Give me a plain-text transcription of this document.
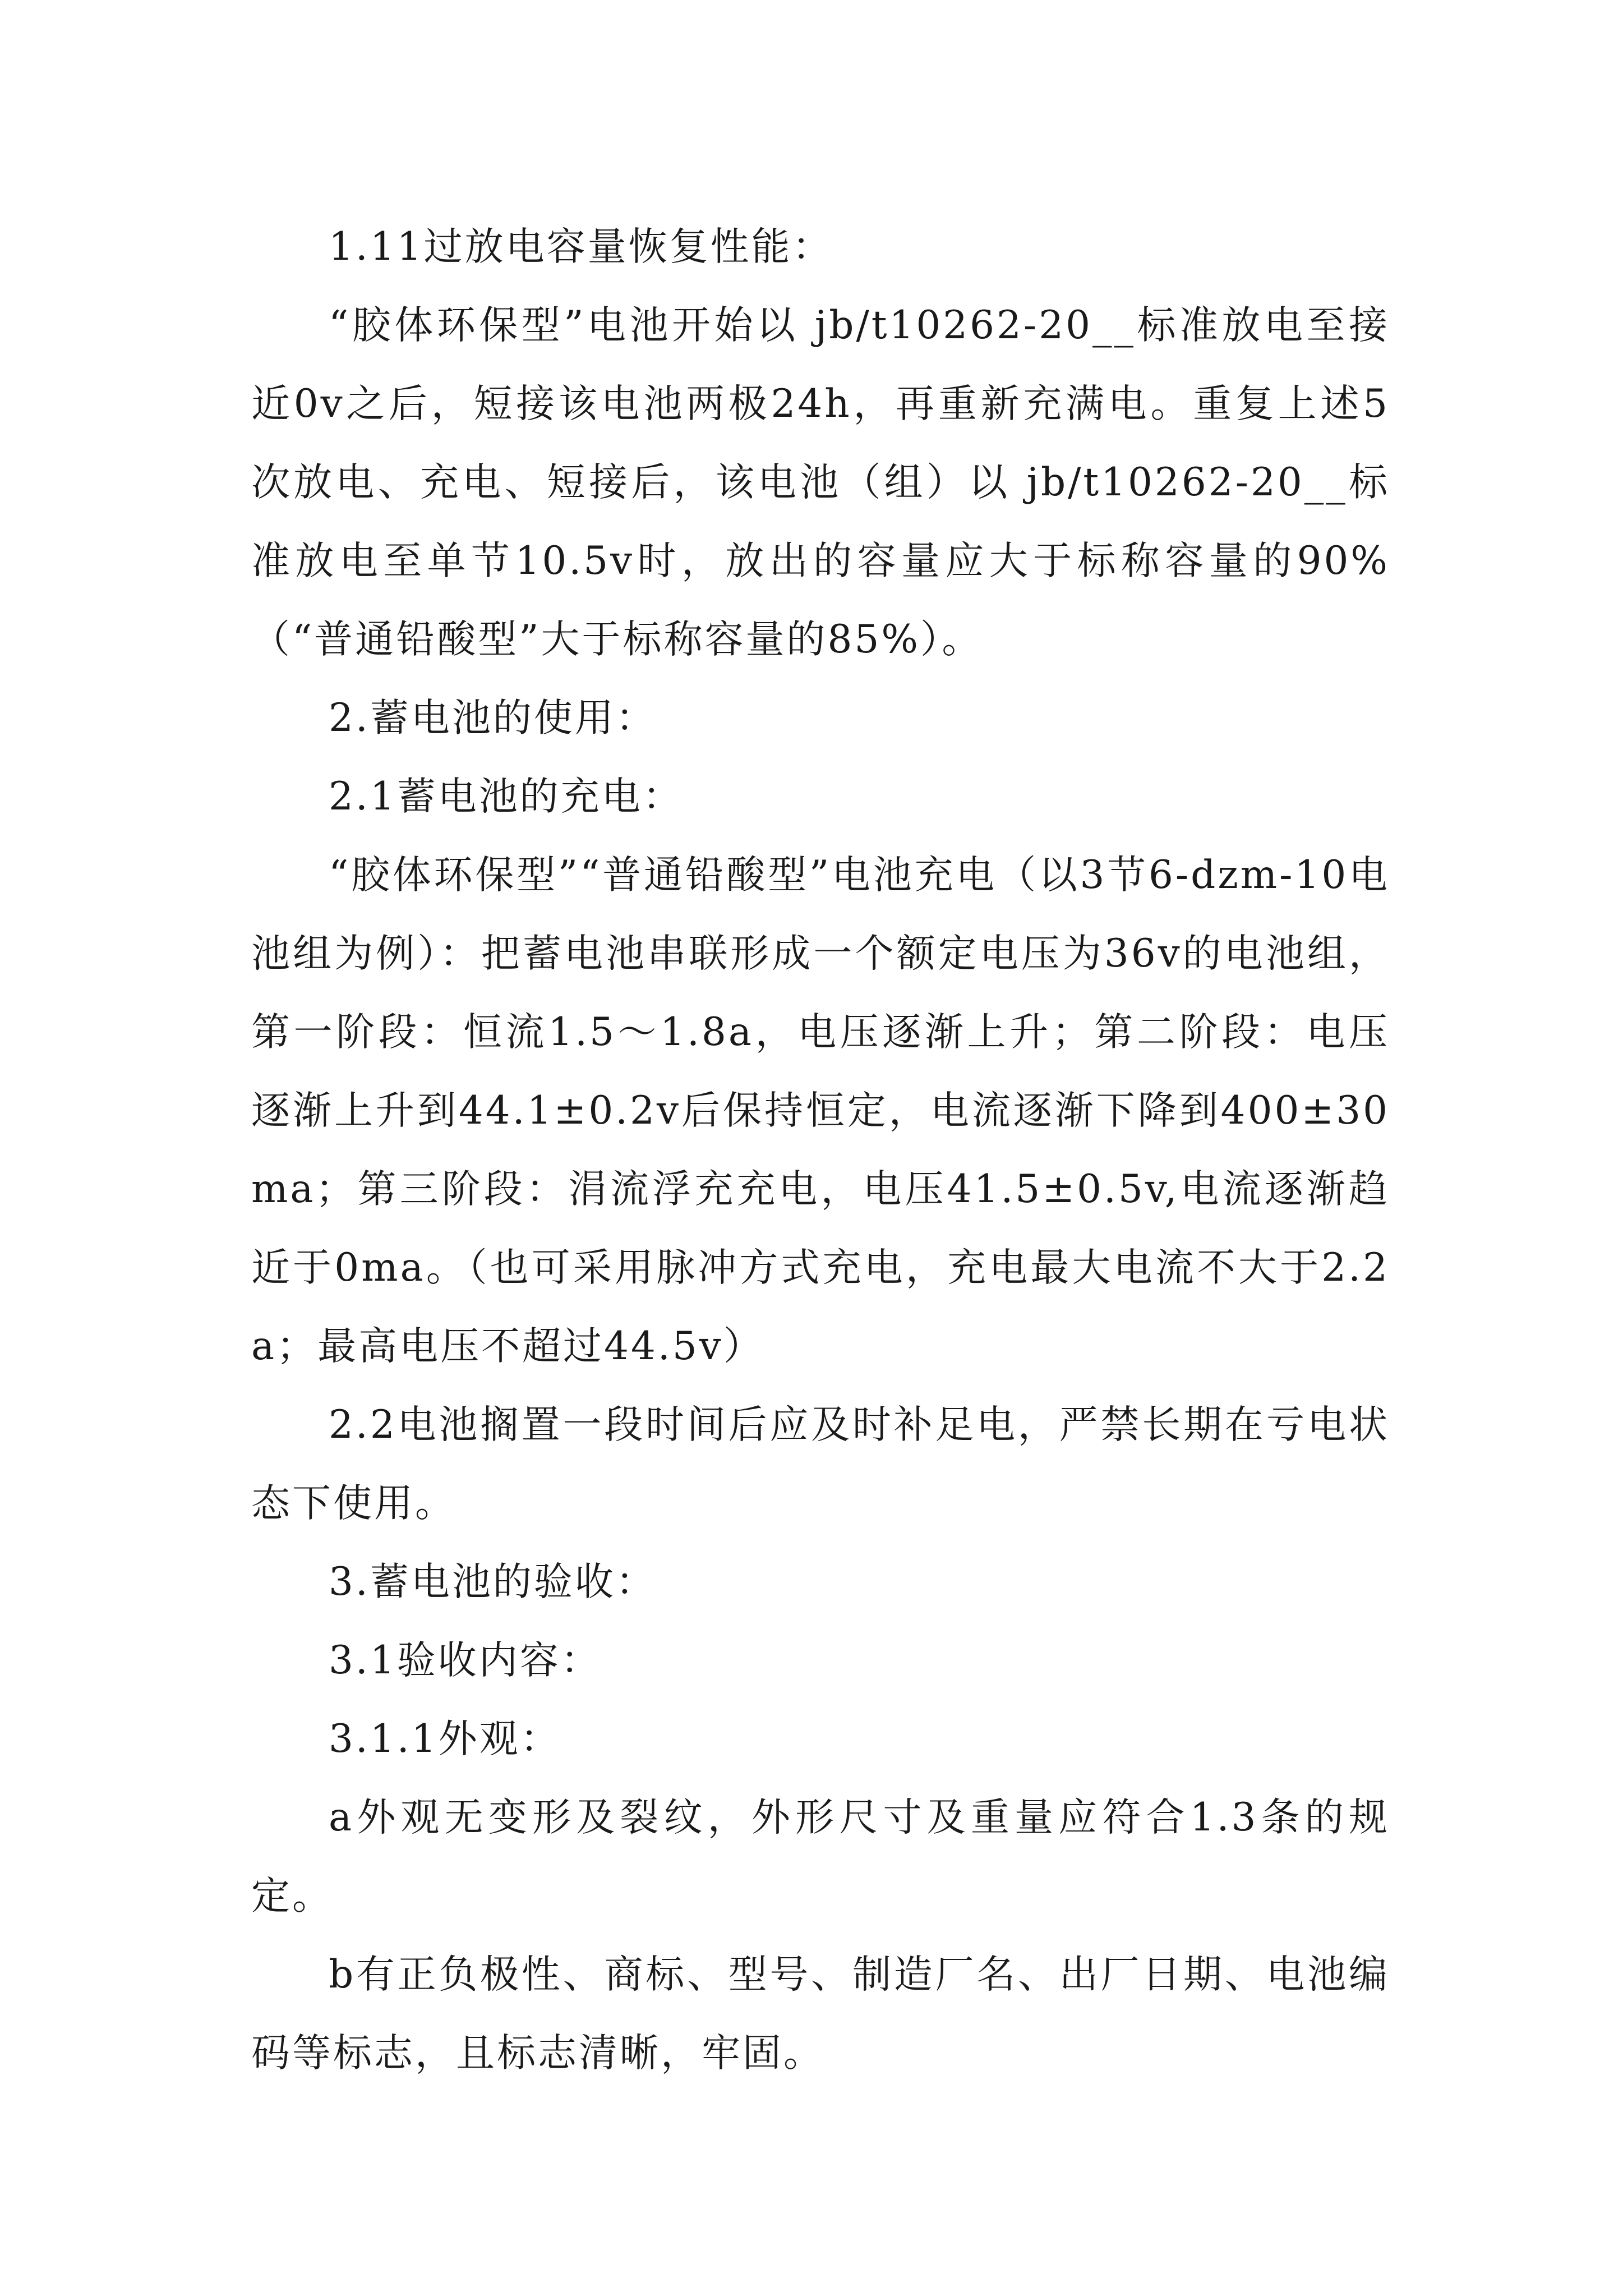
1.11过放电容量恢复性能：

“胶体环保型”电池开始以 jb/t10262-20__标准放电至接近0v之后，短接该电池两极24h，再重新充满电。重复上述5次放电、充电、短接后，该电池（组）以 jb/t10262-20__标准放电至单节10.5v时，放出的容量应大于标称容量的90%（“普通铅酸型”大于标称容量的85%）。

2.蓄电池的使用：

2.1蓄电池的充电：

“胶体环保型”“普通铅酸型”电池充电（以3节6-dzm-10电池组为例）：把蓄电池串联形成一个额定电压为36v的电池组，第一阶段：恒流1.5～1.8a，电压逐渐上升；第二阶段：电压逐渐上升到44.1±0.2v后保持恒定，电流逐渐下降到400±30ma；第三阶段：涓流浮充充电，电压41.5±0.5v,电流逐渐趋近于0ma。（也可采用脉冲方式充电，充电最大电流不大于2.2a；最高电压不超过44.5v）

2.2电池搁置一段时间后应及时补足电，严禁长期在亏电状态下使用。

3.蓄电池的验收：

3.1验收内容：

3.1.1外观：

a外观无变形及裂纹，外形尺寸及重量应符合1.3条的规定。

b有正负极性、商标、型号、制造厂名、出厂日期、电池编码等标志，且标志清晰，牢固。
